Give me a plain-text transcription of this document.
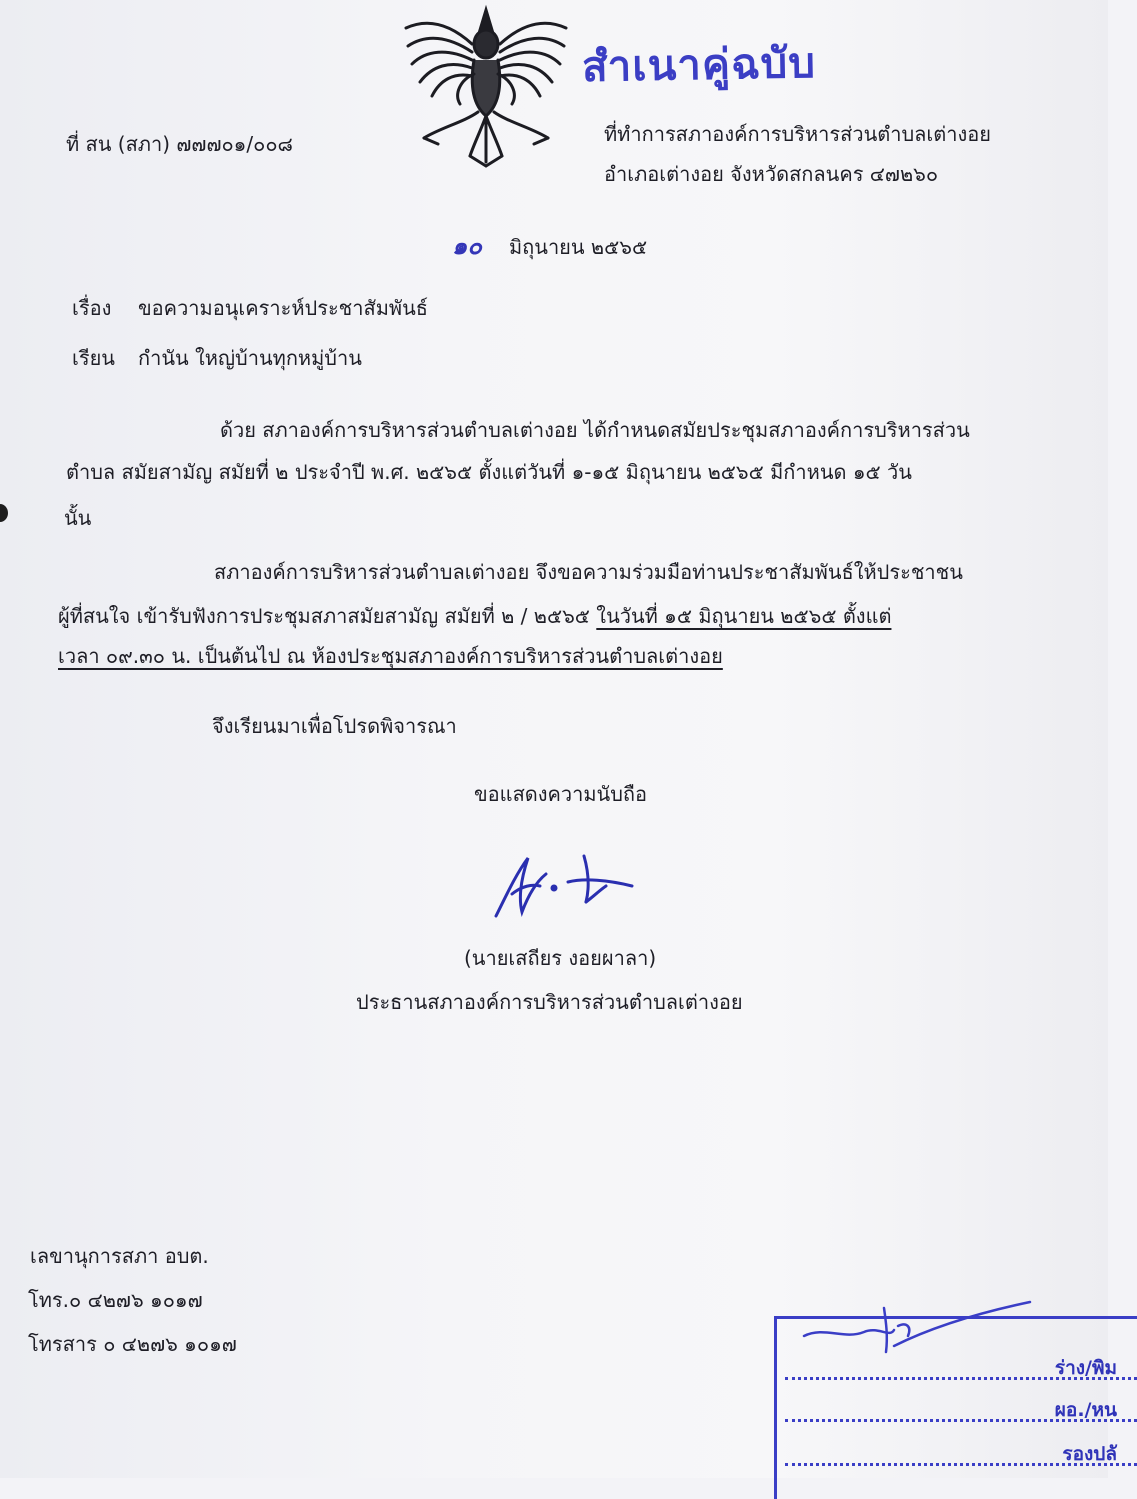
สำเนาคู่ฉบับ
ที่ สน (สภา) ๗๗๗๐๑/๐๐๘	ที่ทำการสภาองค์การบริหารส่วนตำบลเต่างอย
อำเภอเต่างอย จังหวัดสกลนคร ๔๗๒๖๐
๑๐ มิถุนายน ๒๕๖๕
เรื่อง ขอความอนุเคราะห์ประชาสัมพันธ์
เรียน กำนัน ใหญ่บ้านทุกหมู่บ้าน
ด้วย สภาองค์การบริหารส่วนตำบลเต่างอย ได้กำหนดสมัยประชุมสภาองค์การบริหารส่วน
ตำบล สมัยสามัญ สมัยที่ ๒ ประจำปี พ.ศ. ๒๕๖๕ ตั้งแต่วันที่ ๑-๑๕ มิถุนายน ๒๕๖๕ มีกำหนด ๑๕ วัน
นั้น
สภาองค์การบริหารส่วนตำบลเต่างอย จึงขอความร่วมมือท่านประชาสัมพันธ์ให้ประชาชน
ผู้ที่สนใจ เข้ารับฟังการประชุมสภาสมัยสามัญ สมัยที่ ๒ / ๒๕๖๕ ในวันที่ ๑๕ มิถุนายน ๒๕๖๕ ตั้งแต่
เวลา ๐๙.๓๐ น. เป็นต้นไป ณ ห้องประชุมสภาองค์การบริหารส่วนตำบลเต่างอย
จึงเรียนมาเพื่อโปรดพิจารณา
ขอแสดงความนับถือ
(นายเสถียร งอยผาลา)
ประธานสภาองค์การบริหารส่วนตำบลเต่างอย
เลขานุการสภา อบต.
โทร.๐ ๔๒๗๖ ๑๐๑๗
โทรสาร ๐ ๔๒๗๖ ๑๐๑๗
ร่าง/พิม
ผอ./หน
รองปลั
